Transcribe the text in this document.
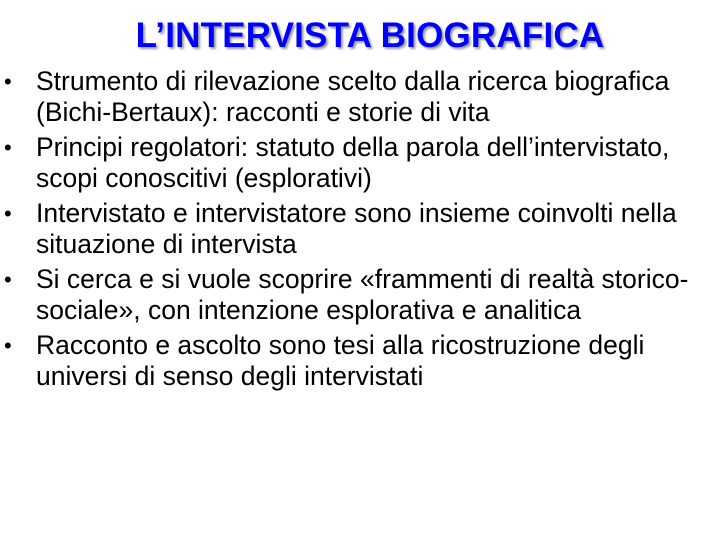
L’INTERVISTA BIOGRAFICA
• Strumento di rilevazione scelto dalla ricerca biografica (Bichi-Bertaux): racconti e storie di vita
• Principi regolatori: statuto della parola dell’intervistato, scopi conoscitivi (esplorativi)
• Intervistato e intervistatore sono insieme coinvolti nella situazione di intervista
• Si cerca e si vuole scoprire «frammenti di realtà storico-sociale», con intenzione esplorativa e analitica
• Racconto e ascolto sono tesi alla ricostruzione degli universi di senso degli intervistati
